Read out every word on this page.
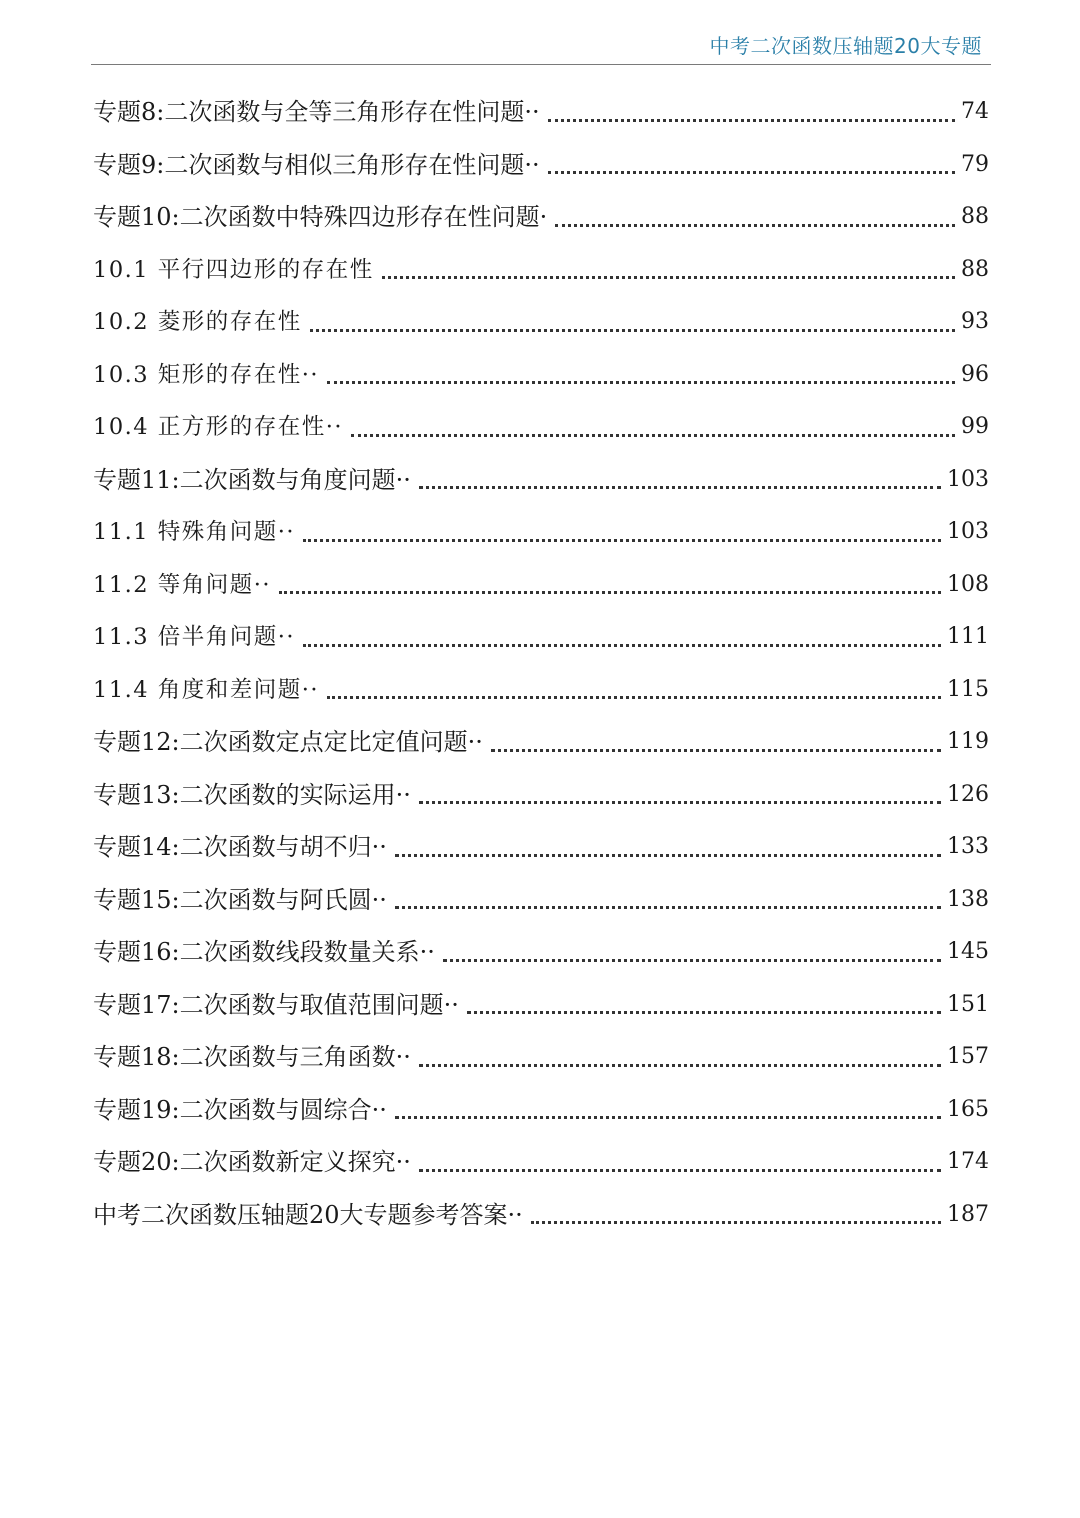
中考二次函数压轴题20大专题
专题8:二次函数与全等三角形存在性问题··	74
专题9:二次函数与相似三角形存在性问题··	79
专题10:二次函数中特殊四边形存在性问题·	88
10.1 平行四边形的存在性	88
10.2 菱形的存在性	93
10.3 矩形的存在性··	96
10.4 正方形的存在性··	99
专题11:二次函数与角度问题··	103
11.1 特殊角问题··	103
11.2 等角问题··	108
11.3 倍半角问题··	111
11.4 角度和差问题··	115
专题12:二次函数定点定比定值问题··	119
专题13:二次函数的实际运用··	126
专题14:二次函数与胡不归··	133
专题15:二次函数与阿氏圆··	138
专题16:二次函数线段数量关系··	145
专题17:二次函数与取值范围问题··	151
专题18:二次函数与三角函数··	157
专题19:二次函数与圆综合··	165
专题20:二次函数新定义探究··	174
中考二次函数压轴题20大专题参考答案··	187
